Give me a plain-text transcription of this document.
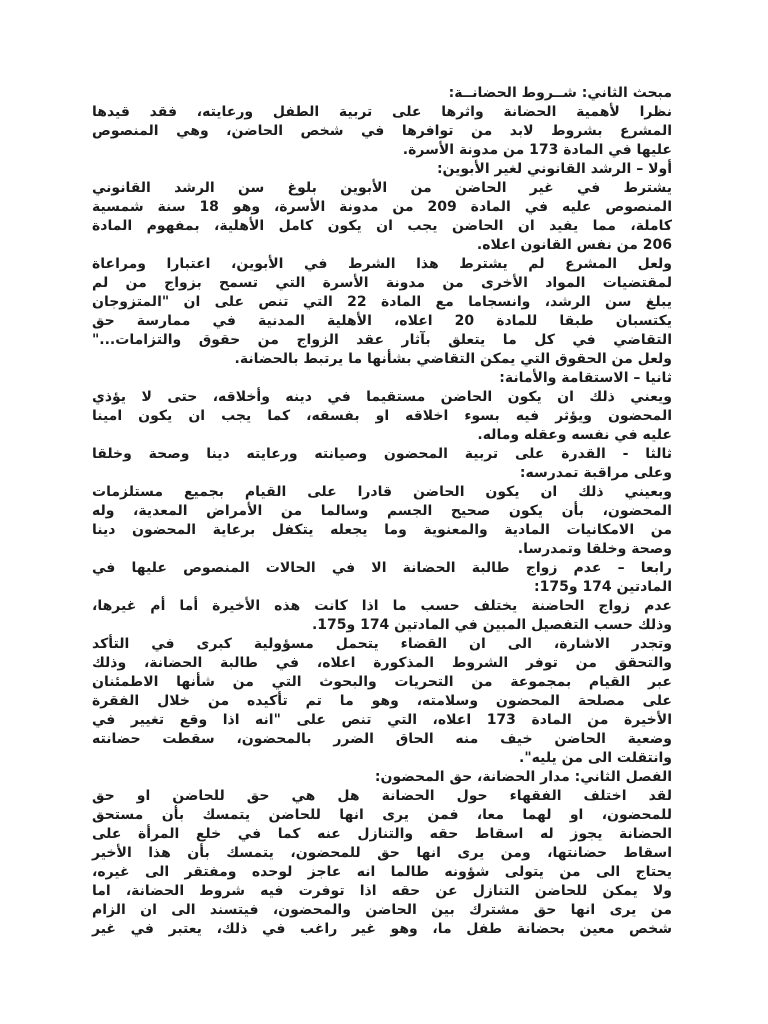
مبحث الثاني: شــروط الحضانــة:
نظرا لأهمية الحضانة واثرها على تربية الطفل ورعايته، فقد قيدها
المشرع بشروط لابد من توافرها في شخص الحاضن، وهي المنصوص
عليها في المادة 173 من مدونة الأسرة.
أولا – الرشد القانوني لغير الأبوين:
يشترط في غير الحاضن من الأبوين بلوغ سن الرشد القانوني
المنصوص عليه في المادة 209 من مدونة الأسرة، وهو 18 سنة شمسية
كاملة، مما يفيد ان الحاضن يجب ان يكون كامل الأهلية، بمفهوم المادة
206 من نفس القانون اعلاه.
ولعل المشرع لم يشترط هذا الشرط في الأبوين، اعتبارا ومراعاة
لمقتضيات المواد الأخرى من مدونة الأسرة التي تسمح بزواج من لم
يبلغ سن الرشد، وانسجاما مع المادة 22 التي تنص على ان "المتزوجان
يكتسبان طبقا للمادة 20 اعلاه، الأهلية المدنية في ممارسة حق
التقاضي في كل ما يتعلق بآثار عقد الزواج من حقوق والتزامات..."
ولعل من الحقوق التي يمكن التقاضي بشأنها ما يرتبط بالحضانة.
ثانيا – الاستقامة والأمانة:
ويعني ذلك ان يكون الحاضن مستقيما في دينه وأخلاقه، حتى لا يؤذي
المحضون ويؤثر فيه بسوء اخلاقه او بفسقه، كما يجب ان يكون امينا
عليه في نفسه وعقله وماله.
ثالثا - القدرة على تربية المحضون وصيانته ورعايته دينا وصحة وخلقا
وعلى مراقبة تمدرسه:
وبعيني ذلك ان يكون الحاضن قادرا على القيام بجميع مستلزمات
المحضون، بأن يكون صحيح الجسم وسالما من الأمراض المعدية، وله
من الامكانيات المادية والمعنوية وما يجعله يتكفل برعاية المحضون دينا
وصحة وخلقا وتمدرسا.
رابعا – عدم زواج طالبة الحضانة الا في الحالات المنصوص عليها في
المادتين 174 و175:
عدم زواج الحاضنة يختلف حسب ما اذا كانت هذه الأخيرة أما أم غيرها،
وذلك حسب التفصيل المبين في المادتين 174 و175.
وتجدر الاشارة، الى ان القضاء يتحمل مسؤولية كبرى في التأكد
والتحقق من توفر الشروط المذكورة اعلاه، في طالبة الحضانة، وذلك
عبر القيام بمجموعة من التحريات والبحوث التي من شأنها الاطمئنان
على مصلحة المحضون وسلامته، وهو ما تم تأكيده من خلال الفقرة
الأخيرة من المادة 173 اعلاه، التي تنص على "انه اذا وقع تغيير في
وضعية الحاضن خيف منه الحاق الضرر بالمحضون، سقطت حضانته
وانتقلت الى من يليه".
الفصل الثاني: مدار الحضانة، حق المحضون:
لقد اختلف الفقهاء حول الحضانة هل هي حق للحاضن او حق
للمحضون، او لهما معا، فمن يرى انها للحاضن يتمسك بأن مستحق
الحضانة يجوز له اسقاط حقه والتنازل عنه كما في خلع المرأة على
اسقاط حضانتها، ومن يرى انها حق للمحضون، يتمسك بأن هذا الأخير
يحتاج الى من يتولى شؤونه طالما انه عاجز لوحده ومفتقر الى غيره،
ولا يمكن للحاضن التنازل عن حقه اذا توفرت فيه شروط الحضانة، اما
من يرى انها حق مشترك بين الحاضن والمحضون، فيتسند الى ان الزام
شخص معين بحضانة طفل ما، وهو غير راغب في ذلك، يعتبر في غير
